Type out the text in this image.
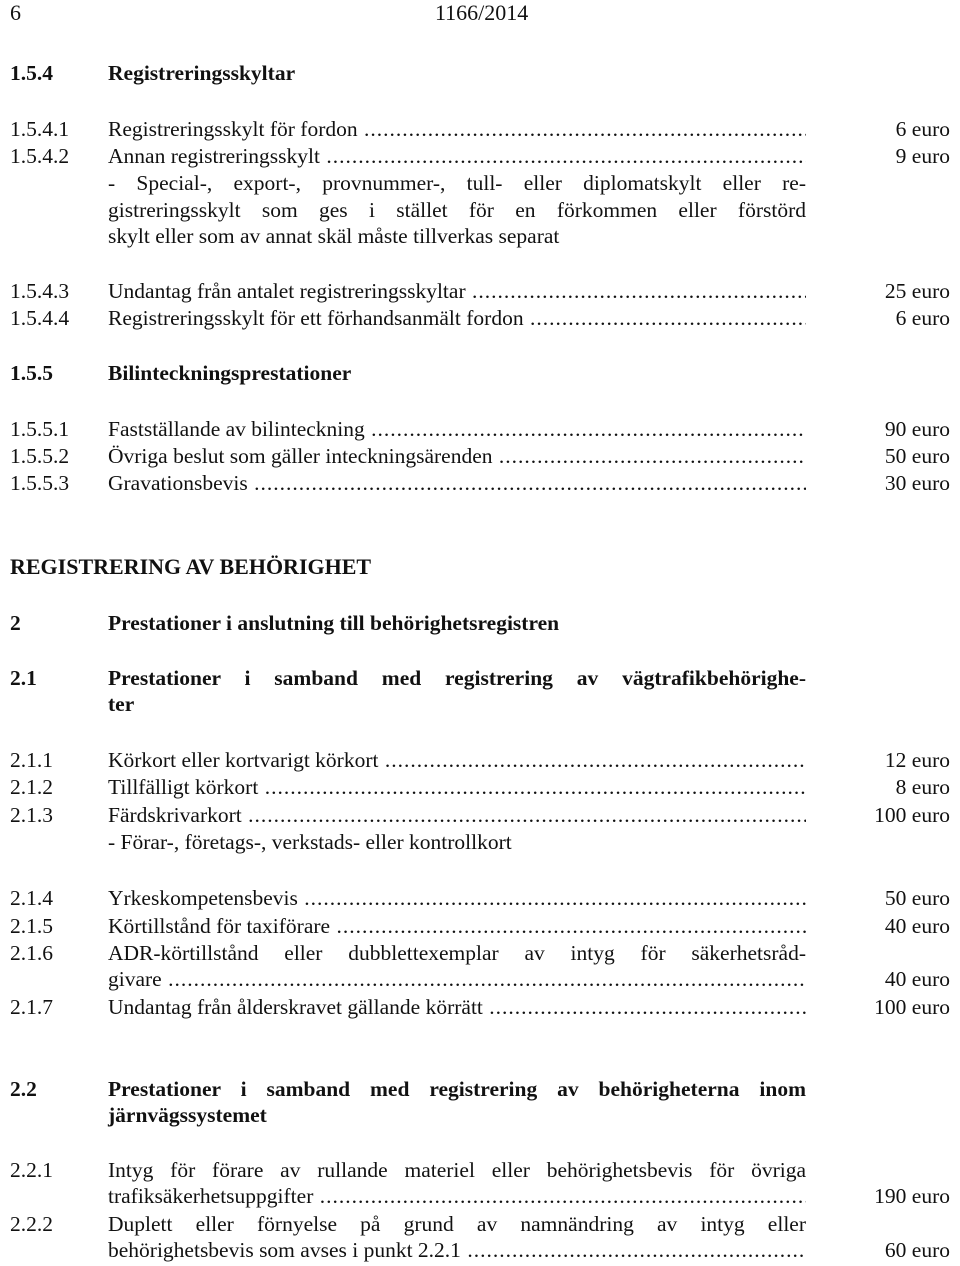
6	1166/2014
1.5.4	Registreringsskyltar
1.5.4.1 Registreringsskylt för fordon .....	6 euro
1.5.4.2 Annan registreringsskylt .....	9 euro
- Special-, export-, provnummer-, tull- eller diplomatskylt eller re-
gistreringsskylt som ges i stället för en förkommen eller förstörd
skylt eller som av annat skäl måste tillverkas separat
1.5.4.3 Undantag från antalet registreringsskyltar .....	25 euro
1.5.4.4 Registreringsskylt för ett förhandsanmält fordon .....	6 euro
1.5.5	Bilinteckningsprestationer
1.5.5.1 Fastställande av bilinteckning .....	90 euro
1.5.5.2 Övriga beslut som gäller inteckningsärenden .....	50 euro
1.5.5.3 Gravationsbevis .....	30 euro
REGISTRERING AV BEHÖRIGHET
2	Prestationer i anslutning till behörighetsregistren
2.1	Prestationer i samband med registrering av vägtrafikbehörighe-
ter
2.1.1	Körkort eller kortvarigt körkort .....	12 euro
2.1.2	Tillfälligt körkort .....	8 euro
2.1.3	Färdskrivarkort .....	100 euro
- Förar-, företags-, verkstads- eller kontrollkort
2.1.4	Yrkeskompetensbevis .....	50 euro
2.1.5	Körtillstånd för taxiförare .....	40 euro
2.1.6	ADR-körtillstånd eller dubblettexemplar av intyg för säkerhetsråd-
givare .....	40 euro
2.1.7	Undantag från ålderskravet gällande körrätt .....	100 euro
2.2	Prestationer i samband med registrering av behörigheterna inom
järnvägssystemet
2.2.1	Intyg för förare av rullande materiel eller behörighetsbevis för övriga
trafiksäkerhetsuppgifter .....	190 euro
2.2.2	Duplett eller förnyelse på grund av namnändring av intyg eller
behörighetsbevis som avses i punkt 2.2.1 .....	60 euro
